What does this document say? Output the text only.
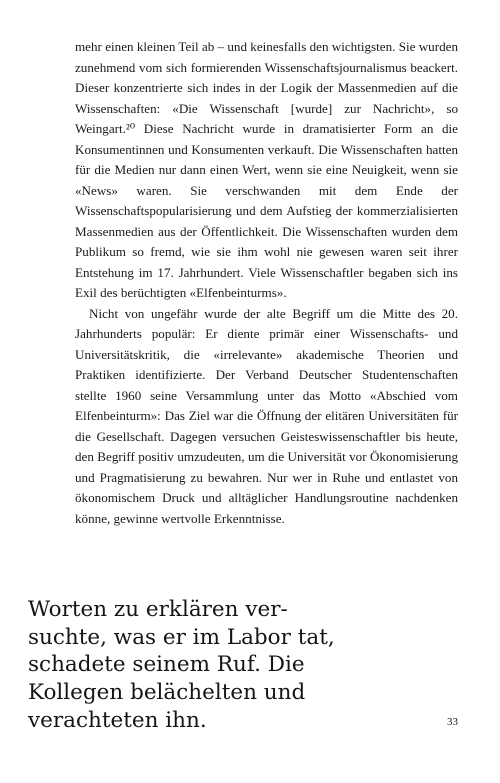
mehr einen kleinen Teil ab – und keinesfalls den wichtigsten. Sie wurden zunehmend vom sich formierenden Wissenschaftsjournalismus beackert. Dieser konzentrierte sich indes in der Logik der Massenmedien auf die Wissenschaften: «Die Wissenschaft [wurde] zur Nachricht», so Weingart.²⁰ Diese Nachricht wurde in dramatisierter Form an die Konsumentinnen und Konsumenten verkauft. Die Wissenschaften hatten für die Medien nur dann einen Wert, wenn sie eine Neuigkeit, wenn sie «News» waren. Sie verschwanden mit dem Ende der Wissenschaftspopularisierung und dem Aufstieg der kommerzialisierten Massenmedien aus der Öffentlichkeit. Die Wissenschaften wurden dem Publikum so fremd, wie sie ihm wohl nie gewesen waren seit ihrer Entstehung im 17. Jahrhundert. Viele Wissenschaftler begaben sich ins Exil des berüchtigten «Elfenbeinturms».

Nicht von ungefähr wurde der alte Begriff um die Mitte des 20. Jahrhunderts populär: Er diente primär einer Wissenschafts- und Universitätskritik, die «irrelevante» akademische Theorien und Praktiken identifizierte. Der Verband Deutscher Studentenschaften stellte 1960 seine Versammlung unter das Motto «Abschied vom Elfenbeinturm»: Das Ziel war die Öffnung der elitären Universitäten für die Gesellschaft. Dagegen versuchen Geisteswissenschaftler bis heute, den Begriff positiv umzudeuten, um die Universität vor Ökonomisierung und Pragmatisierung zu bewahren. Nur wer in Ruhe und entlastet von ökonomischem Druck und alltäglicher Handlungsroutine nachdenken könne, gewinne wertvolle Erkenntnisse.

Worten zu erklären ver-
suchte, was er im Labor tat,
schadete seinem Ruf. Die
Kollegen belächelten und
verachteten ihn.	33
